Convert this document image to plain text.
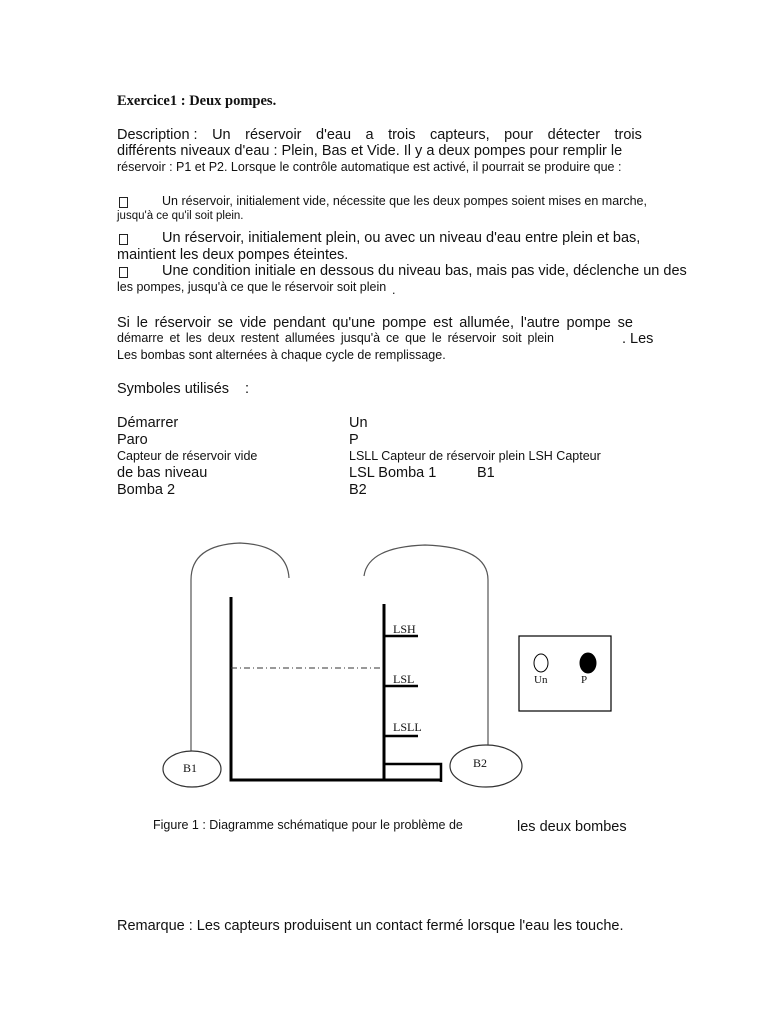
Exercice1 : Deux pompes.

Description : Un réservoir d'eau a trois capteurs, pour détecter trois

différents niveaux d'eau : Plein, Bas et Vide. Il y a deux pompes pour remplir le

réservoir : P1 et P2. Lorsque le contrôle automatique est activé, il pourrait se produire que :

Un réservoir, initialement vide, nécessite que les deux pompes soient mises en marche,

jusqu'à ce qu'il soit plein.

Un réservoir, initialement plein, ou avec un niveau d'eau entre plein et bas,

maintient les deux pompes éteintes.

Une condition initiale en dessous du niveau bas, mais pas vide, déclenche un des

les pompes, jusqu'à ce que le réservoir soit plein .

Si le réservoir se vide pendant qu'une pompe est allumée, l'autre pompe se
démarre et les deux restent allumées jusqu'à ce que le réservoir soit plein	. Les

Les bombas sont alternées à chaque cycle de remplissage.

Symboles utilisés :

Démarrer	Un

Paro	P

Capteur de réservoir vide	LSLL Capteur de réservoir plein LSH Capteur

de bas niveau	LSL Bomba 1	B1

Bomba 2	B2

LSH
LSL
LSLL
B1	B2
Un	P

Figure 1 : Diagramme schématique pour le problème de	les deux bombes

Remarque : Les capteurs produisent un contact fermé lorsque l'eau les touche.
